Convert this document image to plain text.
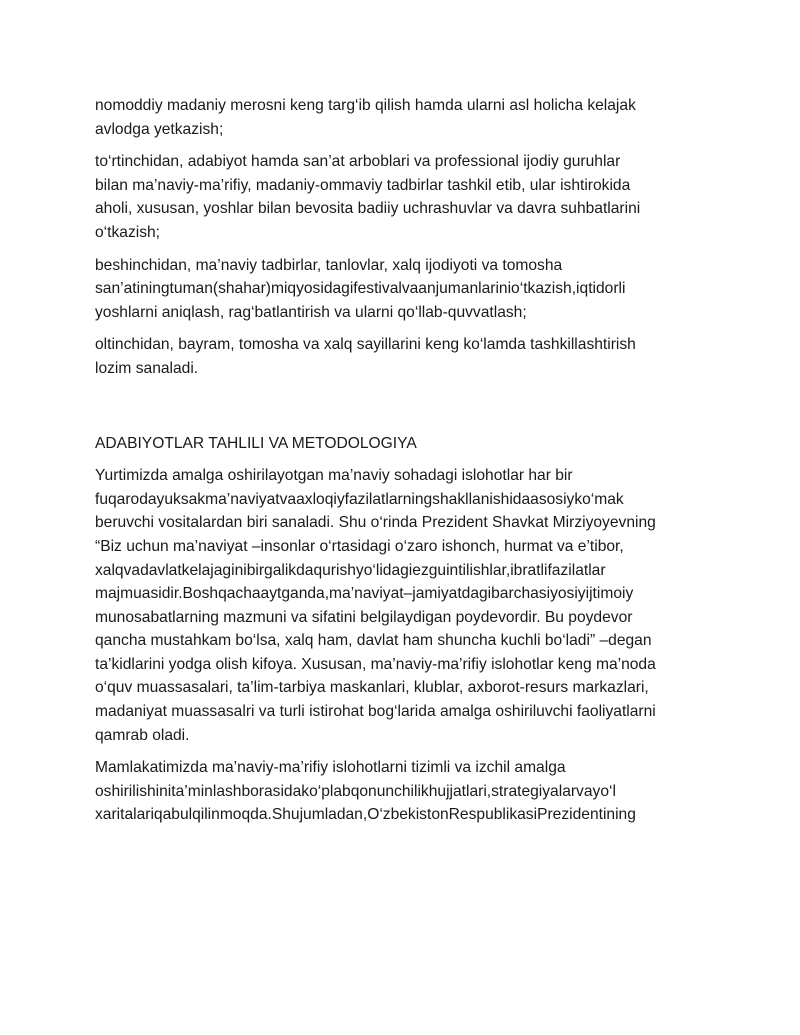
nomoddiy madaniy merosni keng targ‘ib qilish hamda ularni asl holicha kelajak
avlodga yetkazish;

to‘rtinchidan, adabiyot hamda san’at arboblari va professional ijodiy guruhlar
bilan ma’naviy-ma’rifiy, madaniy-ommaviy tadbirlar tashkil etib, ular ishtirokida
aholi, xususan, yoshlar bilan bevosita badiiy uchrashuvlar va davra suhbatlarini
o‘tkazish;

beshinchidan, ma’naviy tadbirlar, tanlovlar, xalq ijodiyoti va tomosha
san’atiningtuman(shahar)miqyosidagifestivalvaanjumanlarinio‘tkazish,iqtidorli
yoshlarni aniqlash, rag‘batlantirish va ularni qo‘llab-quvvatlash;

oltinchidan, bayram, tomosha va xalq sayillarini keng ko‘lamda tashkillashtirish
lozim sanaladi.

ADABIYOTLAR TAHLILI VA METODOLOGIYA

Yurtimizda amalga oshirilayotgan ma’naviy sohadagi islohotlar har bir
fuqarodayuksakma’naviyatvaaxloqiyfazilatlarningshakllanishidaasosiyko‘mak
beruvchi vositalardan biri sanaladi. Shu o‘rinda Prezident Shavkat Mirziyoyevning
“Biz uchun ma’naviyat –insonlar o‘rtasidagi o‘zaro ishonch, hurmat va e’tibor,
xalqvadavlatkelajaginibirgalikdaqurishyo‘lidagiezguintilishlar,ibratlifazilatlar
majmuasidir.Boshqachaaytganda,ma’naviyat–jamiyatdagibarchasiyosiyijtimoiy
munosabatlarning mazmuni va sifatini belgilaydigan poydevordir. Bu poydevor
qancha mustahkam bo‘lsa, xalq ham, davlat ham shuncha kuchli bo‘ladi” –degan
ta’kidlarini yodga olish kifoya. Xususan, ma’naviy-ma’rifiy islohotlar keng ma’noda
o‘quv muassasalari, ta’lim-tarbiya maskanlari, klublar, axborot-resurs markazlari,
madaniyat muassasalri va turli istirohat bog‘larida amalga oshiriluvchi faoliyatlarni
qamrab oladi.

Mamlakatimizda ma’naviy-ma’rifiy islohotlarni tizimli va izchil amalga
oshirilishinita’minlashborasidako‘plabqonunchilikhujjatlari,strategiyalarvayo‘l
xaritalariqabulqilinmoqda.Shujumladan,O‘zbekistonRespublikasiPrezidentining
